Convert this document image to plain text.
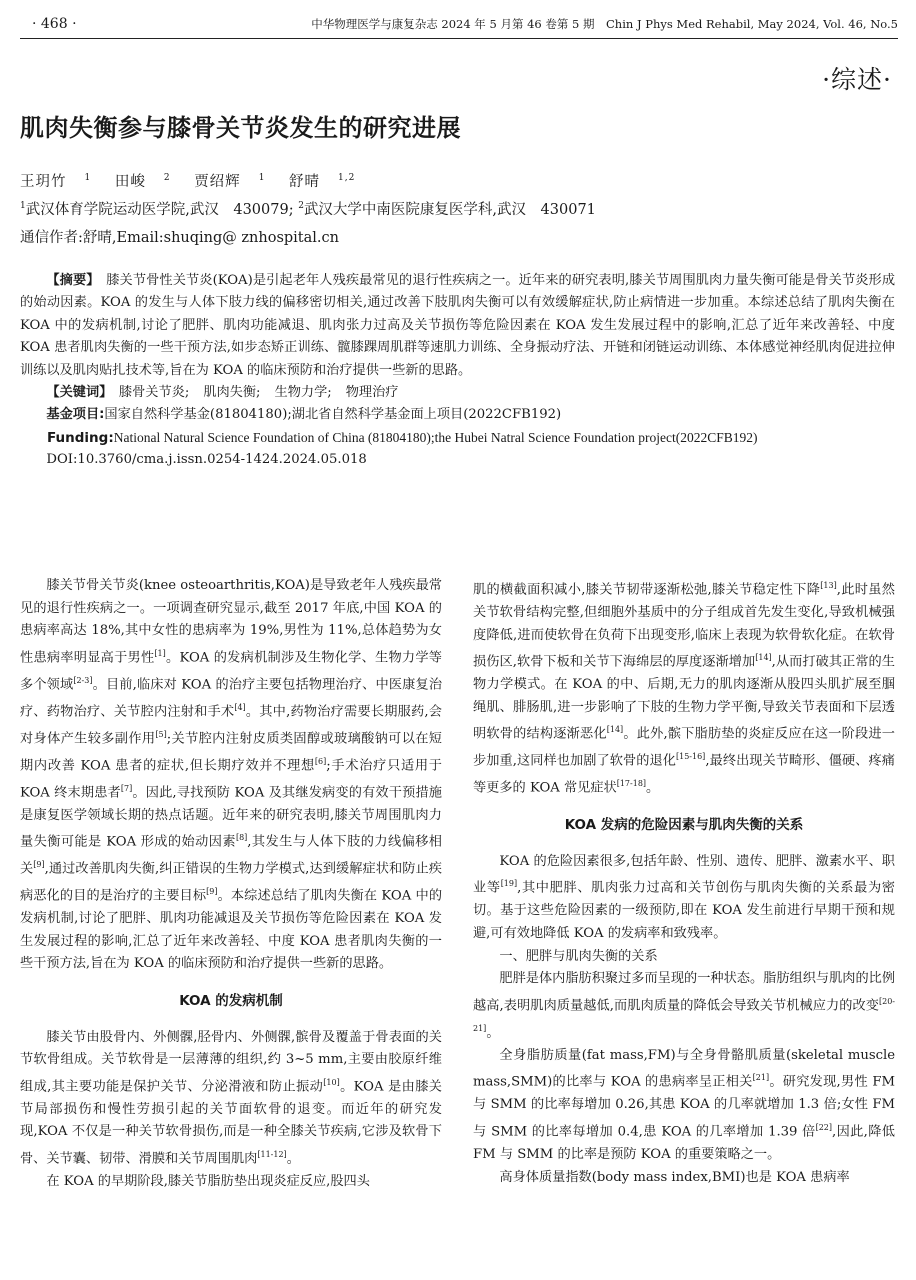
· 468 ·	中华物理医学与康复杂志 2024 年 5 月第 46 卷第 5 期　Chin J Phys Med Rehabil, May 2024, Vol. 46, No.5
·综述·
肌肉失衡参与膝骨关节炎发生的研究进展
王玥竹 $^1$ 田峻 $^2$ 贾绍辉 $^1$ 舒晴 $^{1,2}$
$^1$武汉体育学院运动医学院,武汉　430079; $^2$武汉大学中南医院康复医学科,武汉　430071
通信作者:舒晴,Email:shuqing@ znhospital.cn

【摘要】　 膝关节骨性关节炎(KOA)是引起老年人残疾最常见的退行性疾病之一。近年来的研究表明,膝关节周围肌肉力量失衡可能是骨关节炎形成的始动因素。KOA 的发生与人体下肢力线的偏移密切相关,通过改善下肢肌肉失衡可以有效缓解症状,防止病情进一步加重。本综述总结了肌肉失衡在 KOA 中的发病机制,讨论了肥胖、肌肉功能减退、肌肉张力过高及关节损伤等危险因素在 KOA 发生发展过程中的影响,汇总了近年来改善轻、中度 KOA 患者肌肉失衡的一些干预方法,如步态矫正训练、髋膝踝周肌群等速肌力训练、全身振动疗法、开链和闭链运动训练、本体感觉神经肌肉促进拉伸训练以及肌肉贴扎技术等,旨在为 KOA 的临床预防和治疗提供一些新的思路。

【关键词】　 膝骨关节炎; 肌肉失衡; 生物力学; 物理治疗

基金项目:国家自然科学基金(81804180);湖北省自然科学基金面上项目(2022CFB192)

Funding:National Natural Science Foundation of China (81804180);the Hubei Natral Science Foundation project(2022CFB192)

DOI:10.3760/cma.j.issn.0254-1424.2024.05.018

膝关节骨关节炎(knee osteoarthritis,KOA)是导致老年人残疾最常见的退行性疾病之一。一项调查研究显示,截至 2017 年底,中国 KOA 的患病率高达 18%,其中女性的患病率为 19%,男性为 11%,总体趋势为女性患病率明显高于男性[1]。KOA 的发病机制涉及生物化学、生物力学等多个领域[2-3]。目前,临床对 KOA 的治疗主要包括物理治疗、中医康复治疗、药物治疗、关节腔内注射和手术[4]。其中,药物治疗需要长期服药,会对身体产生较多副作用[5];关节腔内注射皮质类固醇或玻璃酸钠可以在短期内改善 KOA 患者的症状,但长期疗效并不理想[6];手术治疗只适用于 KOA 终末期患者[7]。因此,寻找预防 KOA 及其继发病变的有效干预措施是康复医学领域长期的热点话题。近年来的研究表明,膝关节周围肌肉力量失衡可能是 KOA 形成的始动因素[8],其发生与人体下肢的力线偏移相关[9],通过改善肌肉失衡,纠正错误的生物力学模式,达到缓解症状和防止疾病恶化的目的是治疗的主要目标[9]。本综述总结了肌肉失衡在 KOA 中的发病机制,讨论了肥胖、肌肉功能减退及关节损伤等危险因素在 KOA 发生发展过程的影响,汇总了近年来改善轻、中度 KOA 患者肌肉失衡的一些干预方法,旨在为 KOA 的临床预防和治疗提供一些新的思路。

KOA 的发病机制

膝关节由股骨内、外侧髁,胫骨内、外侧髁,髌骨及覆盖于骨表面的关节软骨组成。关节软骨是一层薄薄的组织,约 3~5 mm,主要由胶原纤维组成,其主要功能是保护关节、分泌滑液和防止振动[10]。KOA 是由膝关节局部损伤和慢性劳损引起的关节面软骨的退变。而近年的研究发现,KOA 不仅是一种关节软骨损伤,而是一种全膝关节疾病,它涉及软骨下骨、关节囊、韧带、滑膜和关节周围肌肉[11-12]。

在 KOA 的早期阶段,膝关节脂肪垫出现炎症反应,股四头

肌的横截面积减小,膝关节韧带逐渐松弛,膝关节稳定性下降[13],此时虽然关节软骨结构完整,但细胞外基质中的分子组成首先发生变化,导致机械强度降低,进而使软骨在负荷下出现变形,临床上表现为软骨软化症。在软骨损伤区,软骨下板和关节下海绵层的厚度逐渐增加[14],从而打破其正常的生物力学模式。在 KOA 的中、后期,无力的肌肉逐渐从股四头肌扩展至腘绳肌、腓肠肌,进一步影响了下肢的生物力学平衡,导致关节表面和下层透明软骨的结构逐渐恶化[14]。此外,髌下脂肪垫的炎症反应在这一阶段进一步加重,这同样也加剧了软骨的退化[15-16],最终出现关节畸形、僵硬、疼痛等更多的 KOA 常见症状[17-18]。

KOA 发病的危险因素与肌肉失衡的关系

KOA 的危险因素很多,包括年龄、性别、遗传、肥胖、激素水平、职业等[19],其中肥胖、肌肉张力过高和关节创伤与肌肉失衡的关系最为密切。基于这些危险因素的一级预防,即在 KOA 发生前进行早期干预和规避,可有效地降低 KOA 的发病率和致残率。

一、肥胖与肌肉失衡的关系

肥胖是体内脂肪积聚过多而呈现的一种状态。脂肪组织与肌肉的比例越高,表明肌肉质量越低,而肌肉质量的降低会导致关节机械应力的改变[20-21]。

全身脂肪质量(fat mass,FM)与全身骨骼肌质量(skeletal muscle mass,SMM)的比率与 KOA 的患病率呈正相关[21]。研究发现,男性 FM 与 SMM 的比率每增加 0.26,其患 KOA 的几率就增加 1.3 倍;女性 FM 与 SMM 的比率每增加 0.4,患 KOA 的几率增加 1.39 倍[22],因此,降低 FM 与 SMM 的比率是预防 KOA 的重要策略之一。

高身体质量指数(body mass index,BMI)也是 KOA 患病率
